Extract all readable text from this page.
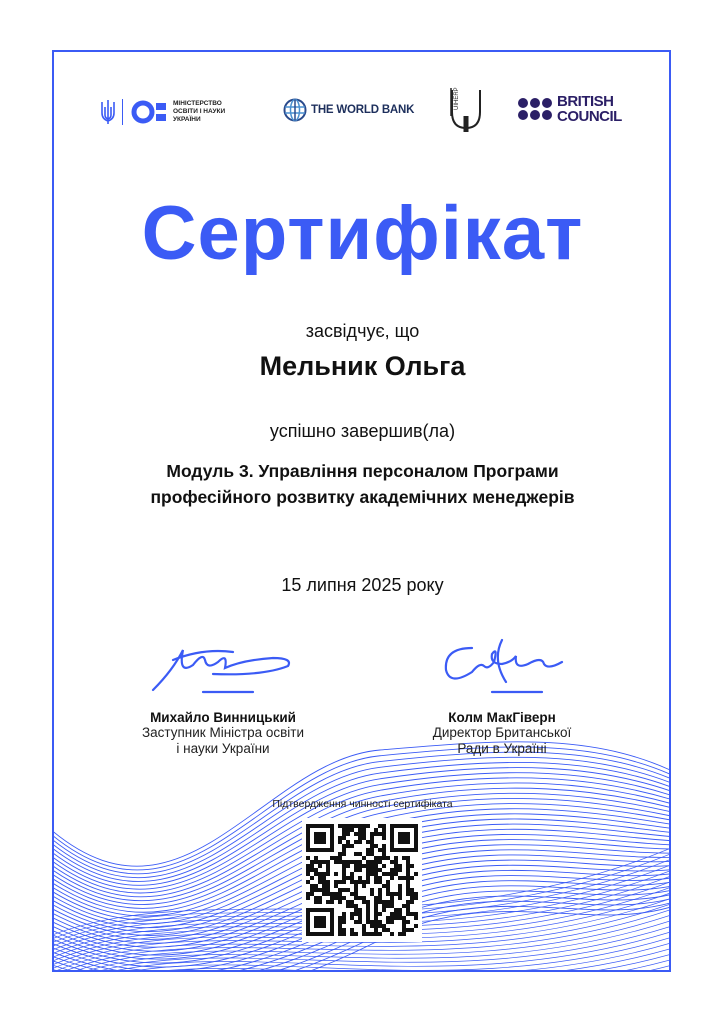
МІНІСТЕРСТВО ОСВІТИ І НАУКИ УКРАЇНИ
THE WORLD BANK	UIHERP	BRITISH
COUNCIL
Сертифікат
засвідчує, що
Мельник Ольга
успішно завершив(ла)
Модуль 3. Управління персоналом Програми
професійного розвитку академічних менеджерів
15 липня 2025 року
Михайло Винницький
Заступник Міністра освіти
і науки України
Колм МакГіверн
Директор Британської
Ради в Україні
Підтвердження чинності сертифіката
